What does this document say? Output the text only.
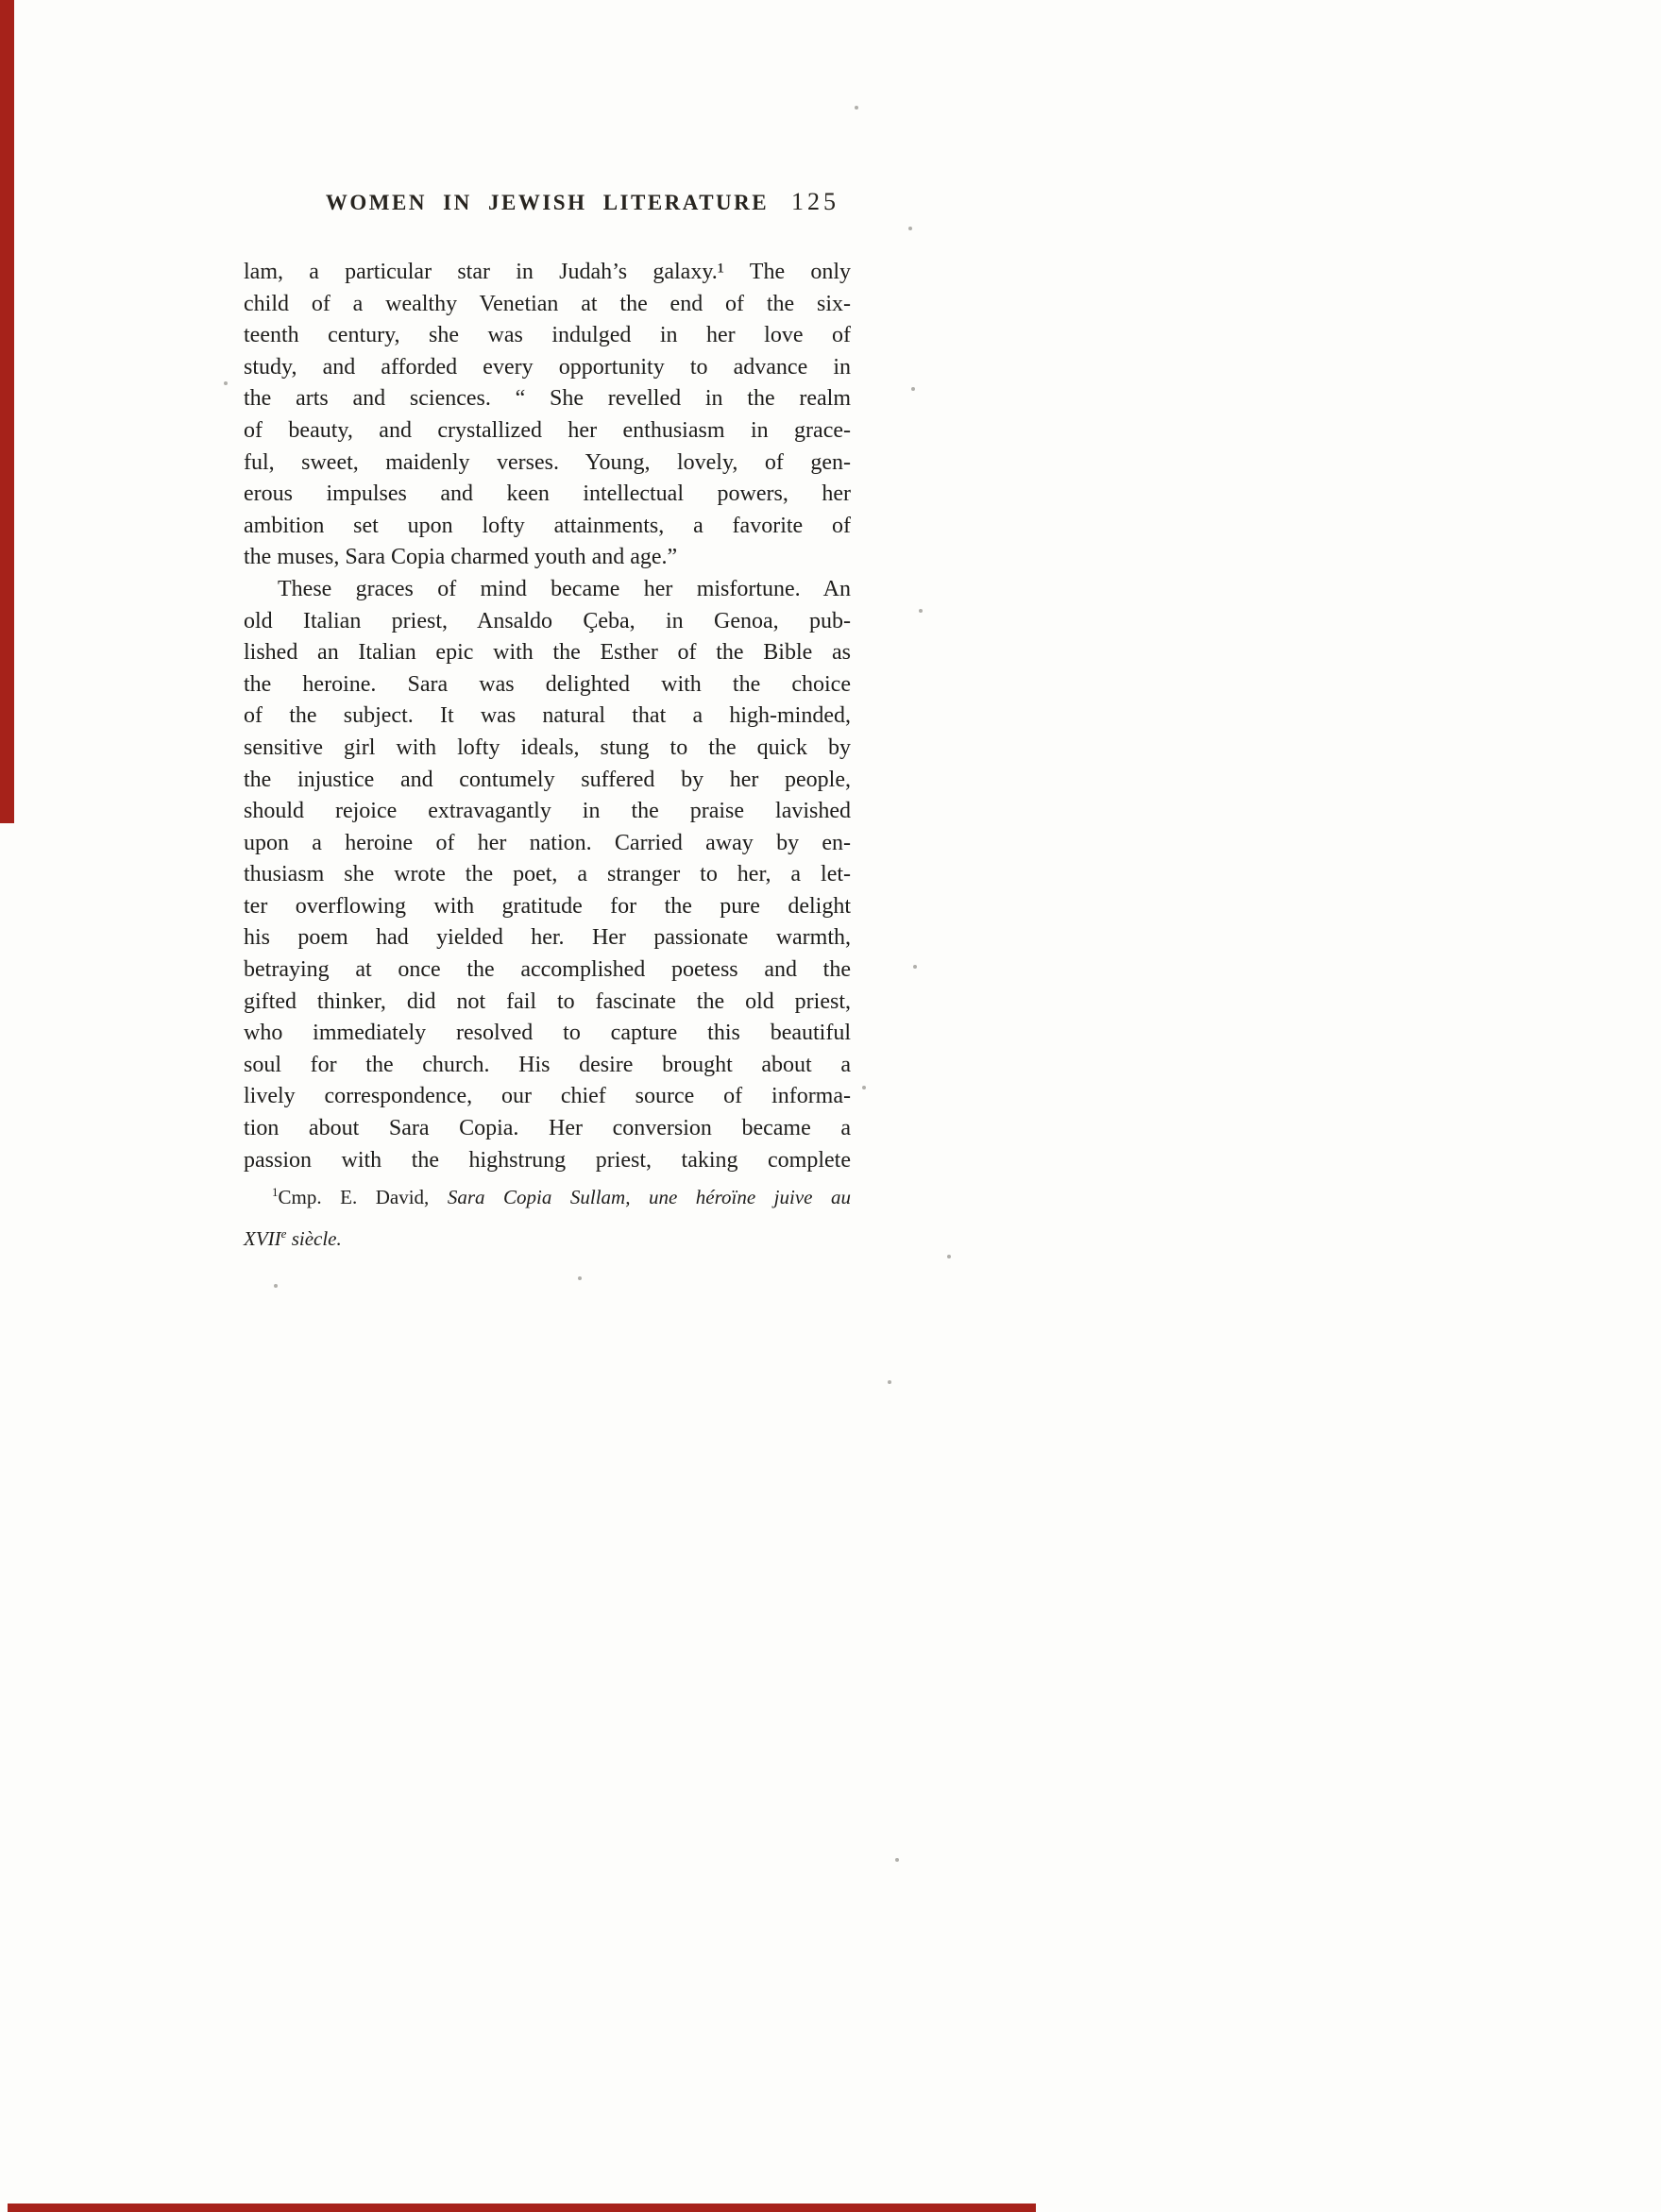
WOMEN IN JEWISH LITERATURE 125
lam, a particular star in Judah’s galaxy.¹ The only
child of a wealthy Venetian at the end of the six-
teenth century, she was indulged in her love of
study, and afforded every opportunity to advance in
the arts and sciences. “ She revelled in the realm
of beauty, and crystallized her enthusiasm in grace-
ful, sweet, maidenly verses. Young, lovely, of gen-
erous impulses and keen intellectual powers, her
ambition set upon lofty attainments, a favorite of
the muses, Sara Copia charmed youth and age.”
These graces of mind became her misfortune. An
old Italian priest, Ansaldo Çeba, in Genoa, pub-
lished an Italian epic with the Esther of the Bible as
the heroine. Sara was delighted with the choice
of the subject. It was natural that a high-minded,
sensitive girl with lofty ideals, stung to the quick by
the injustice and contumely suffered by her people,
should rejoice extravagantly in the praise lavished
upon a heroine of her nation. Carried away by en-
thusiasm she wrote the poet, a stranger to her, a let-
ter overflowing with gratitude for the pure delight
his poem had yielded her. Her passionate warmth,
betraying at once the accomplished poetess and the
gifted thinker, did not fail to fascinate the old priest,
who immediately resolved to capture this beautiful
soul for the church. His desire brought about a
lively correspondence, our chief source of informa-
tion about Sara Copia. Her conversion became a
passion with the highstrung priest, taking complete
$^1$Cmp. E. David, Sara Copia Sullam, une héroïne juive au
XVIIe siècle.
